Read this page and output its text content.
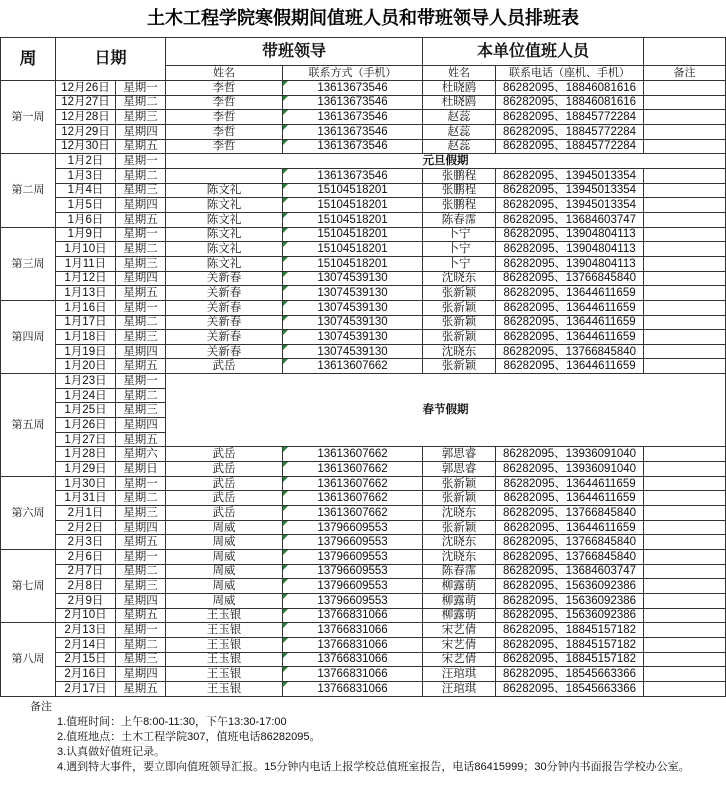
土木工程学院寒假期间值班人员和带班领导人员排班表
周	日期		带班领导		本单位值班人员		
			姓名	联系方式（手机）	姓名	联系电话（座机、手机）	备注
第一周	12月26日	星期一	李哲	13613673546	杜晓鸥	86282095、18846081616	
	12月27日	星期二	李哲	13613673546	杜晓鸥	86282095、18846081616	
	12月28日	星期三	李哲	13613673546	赵蕊	86282095、18845772284	
	12月29日	星期四	李哲	13613673546	赵蕊	86282095、18845772284	
	12月30日	星期五	李哲	13613673546	赵蕊	86282095、18845772284	
第二周	1月2日	星期一	元旦假期				
	1月3日	星期二		13613673546	张鹏程	86282095、13945013354	
	1月4日	星期三	陈文礼	15104518201	张鹏程	86282095、13945013354	
	1月5日	星期四	陈文礼	15104518201	张鹏程	86282095、13945013354	
	1月6日	星期五	陈文礼	15104518201	陈春霈	86282095、13684603747	
第三周	1月9日	星期一	陈文礼	15104518201	卜宁	86282095、13904804113	
	1月10日	星期二	陈文礼	15104518201	卜宁	86282095、13904804113	
	1月11日	星期三	陈文礼	15104518201	卜宁	86282095、13904804113	
	1月12日	星期四	关新春	13074539130	沈晓东	86282095、13766845840	
	1月13日	星期五	关新春	13074539130	张新颖	86282095、13644611659	
第四周	1月16日	星期一	关新春	13074539130	张新颖	86282095、13644611659	
	1月17日	星期二	关新春	13074539130	张新颖	86282095、13644611659	
	1月18日	星期三	关新春	13074539130	张新颖	86282095、13644611659	
	1月19日	星期四	关新春	13074539130	沈晓东	86282095、13766845840	
	1月20日	星期五	武岳	13613607662	张新颖	86282095、13644611659	
第五周	1月23日	星期一	春节假期				
	1月24日	星期二					
	1月25日	星期三					
	1月26日	星期四					
	1月27日	星期五					
	1月28日	星期六	武岳	13613607662	郭思睿	86282095、13936091040	
	1月29日	星期日	武岳	13613607662	郭思睿	86282095、13936091040	
第六周	1月30日	星期一	武岳	13613607662	张新颖	86282095、13644611659	
	1月31日	星期二	武岳	13613607662	张新颖	86282095、13644611659	
	2月1日	星期三	武岳	13613607662	沈晓东	86282095、13766845840	
	2月2日	星期四	周威	13796609553	张新颖	86282095、13644611659	
	2月3日	星期五	周威	13796609553	沈晓东	86282095、13766845840	
第七周	2月6日	星期一	周威	13796609553	沈晓东	86282095、13766845840	
	2月7日	星期二	周威	13796609553	陈春霈	86282095、13684603747	
	2月8日	星期三	周威	13796609553	柳露萌	86282095、15636092386	
	2月9日	星期四	周威	13796609553	柳露萌	86282095、15636092386	
	2月10日	星期五	王玉银	13766831066	柳露萌	86282095、15636092386	
第八周	2月13日	星期一	王玉银	13766831066	宋艺倩	86282095、18845157182	
	2月14日	星期二	王玉银	13766831066	宋艺倩	86282095、18845157182	
	2月15日	星期三	王玉银	13766831066	宋艺倩	86282095、18845157182	
	2月16日	星期四	王玉银	13766831066	汪琯琪	86282095、18545663366	
	2月17日	星期五	王玉银	13766831066	汪琯琪	86282095、18545663366	
备注
1.值班时间：上午8:00-11:30，下午13:30-17:00
2.值班地点：土木工程学院307，值班电话86282095。
3.认真做好值班记录。
4.遇到特大事件，要立即向值班领导汇报。15分钟内电话上报学校总值班室报告，电话86415999；30分钟内书面报告学校办公室。
